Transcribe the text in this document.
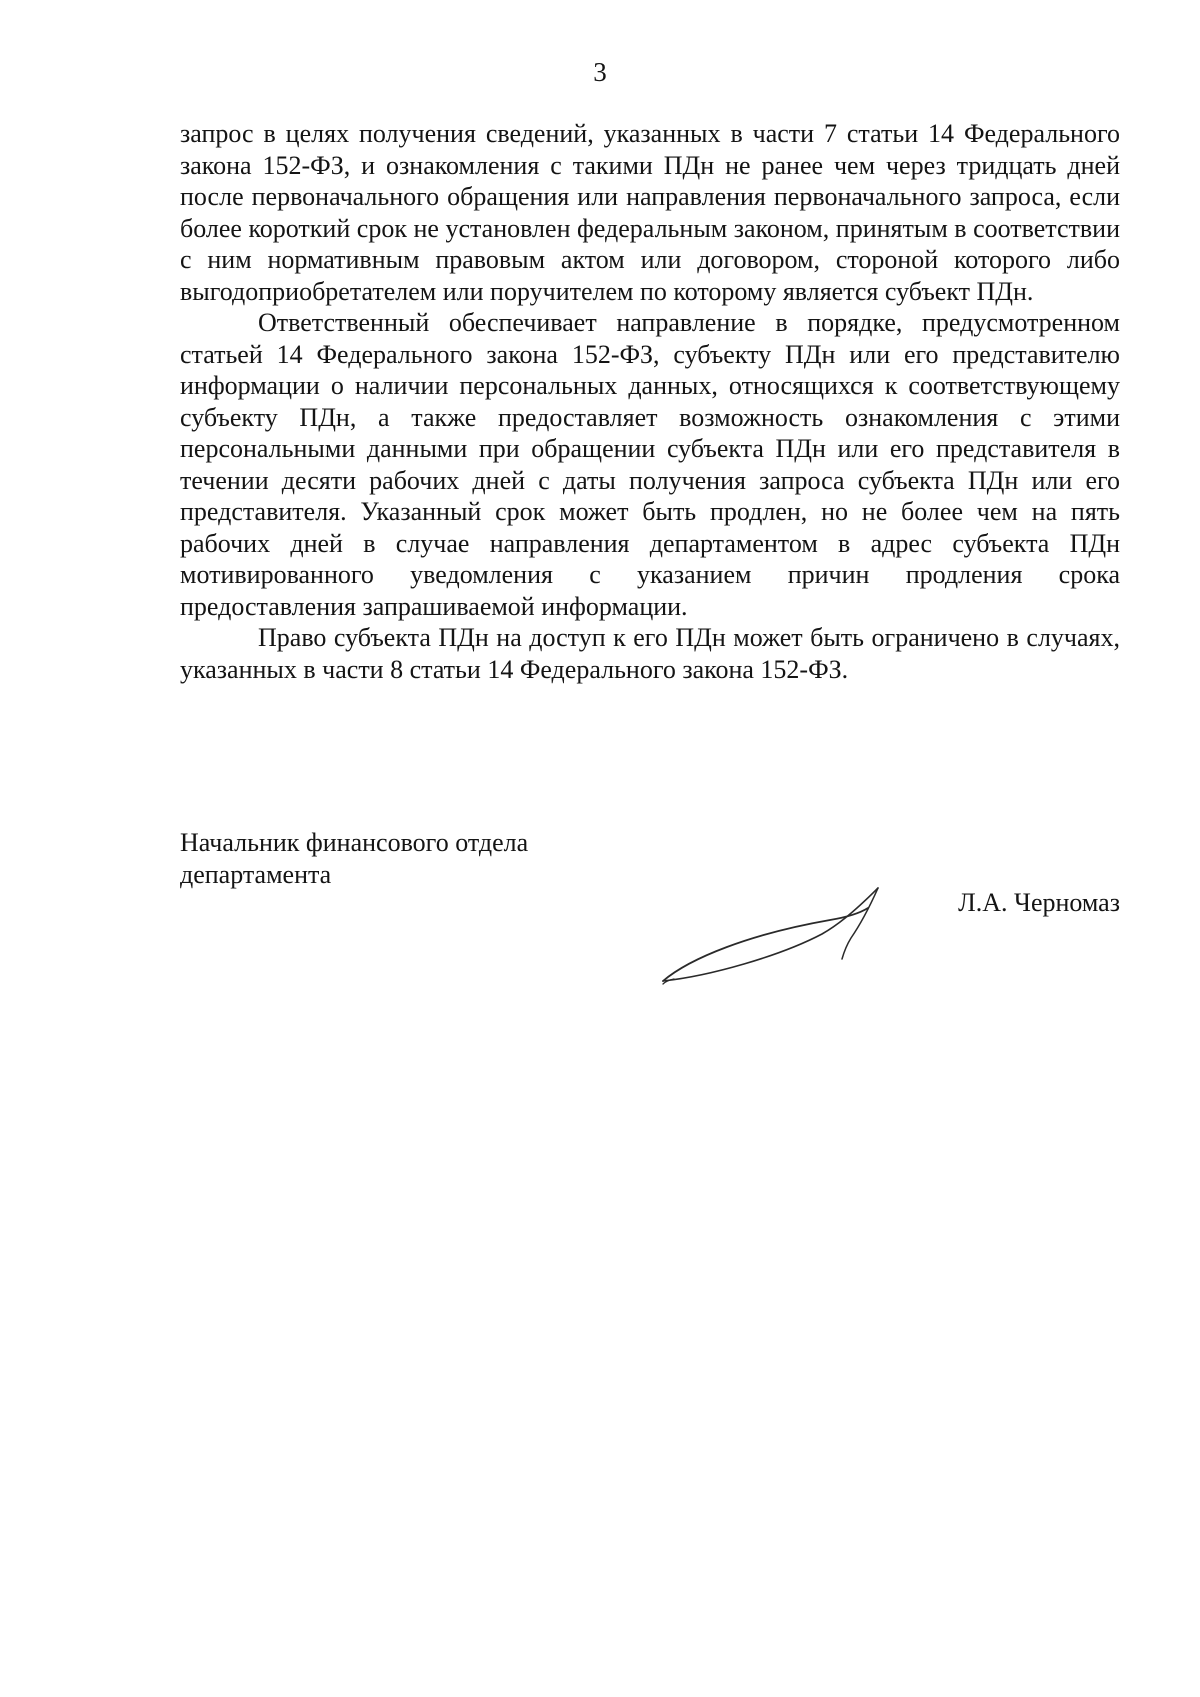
3

запрос в целях получения сведений, указанных в части 7 статьи 14 Федерального закона 152-ФЗ, и ознакомления с такими ПДн не ранее чем через тридцать дней после первоначального обращения или направления первоначального запроса, если более короткий срок не установлен федеральным законом, принятым в соответствии с ним нормативным правовым актом или договором, стороной которого либо выгодоприобретателем или поручителем по которому является субъект ПДн.

Ответственный обеспечивает направление в порядке, предусмотренном статьей 14 Федерального закона 152-ФЗ, субъекту ПДн или его представителю информации о наличии персональных данных, относящихся к соответствующему субъекту ПДн, а также предоставляет возможность ознакомления с этими персональными данными при обращении субъекта ПДн или его представителя в течении десяти рабочих дней с даты получения запроса субъекта ПДн или его представителя. Указанный срок может быть продлен, но не более чем на пять рабочих дней в случае направления департаментом в адрес субъекта ПДн мотивированного уведомления с указанием причин продления срока предоставления запрашиваемой информации.

Право субъекта ПДн на доступ к его ПДн может быть ограничено в случаях, указанных в части 8 статьи 14 Федерального закона 152-ФЗ.

Начальник финансового отдела
департамента
Л.А. Черномаз
